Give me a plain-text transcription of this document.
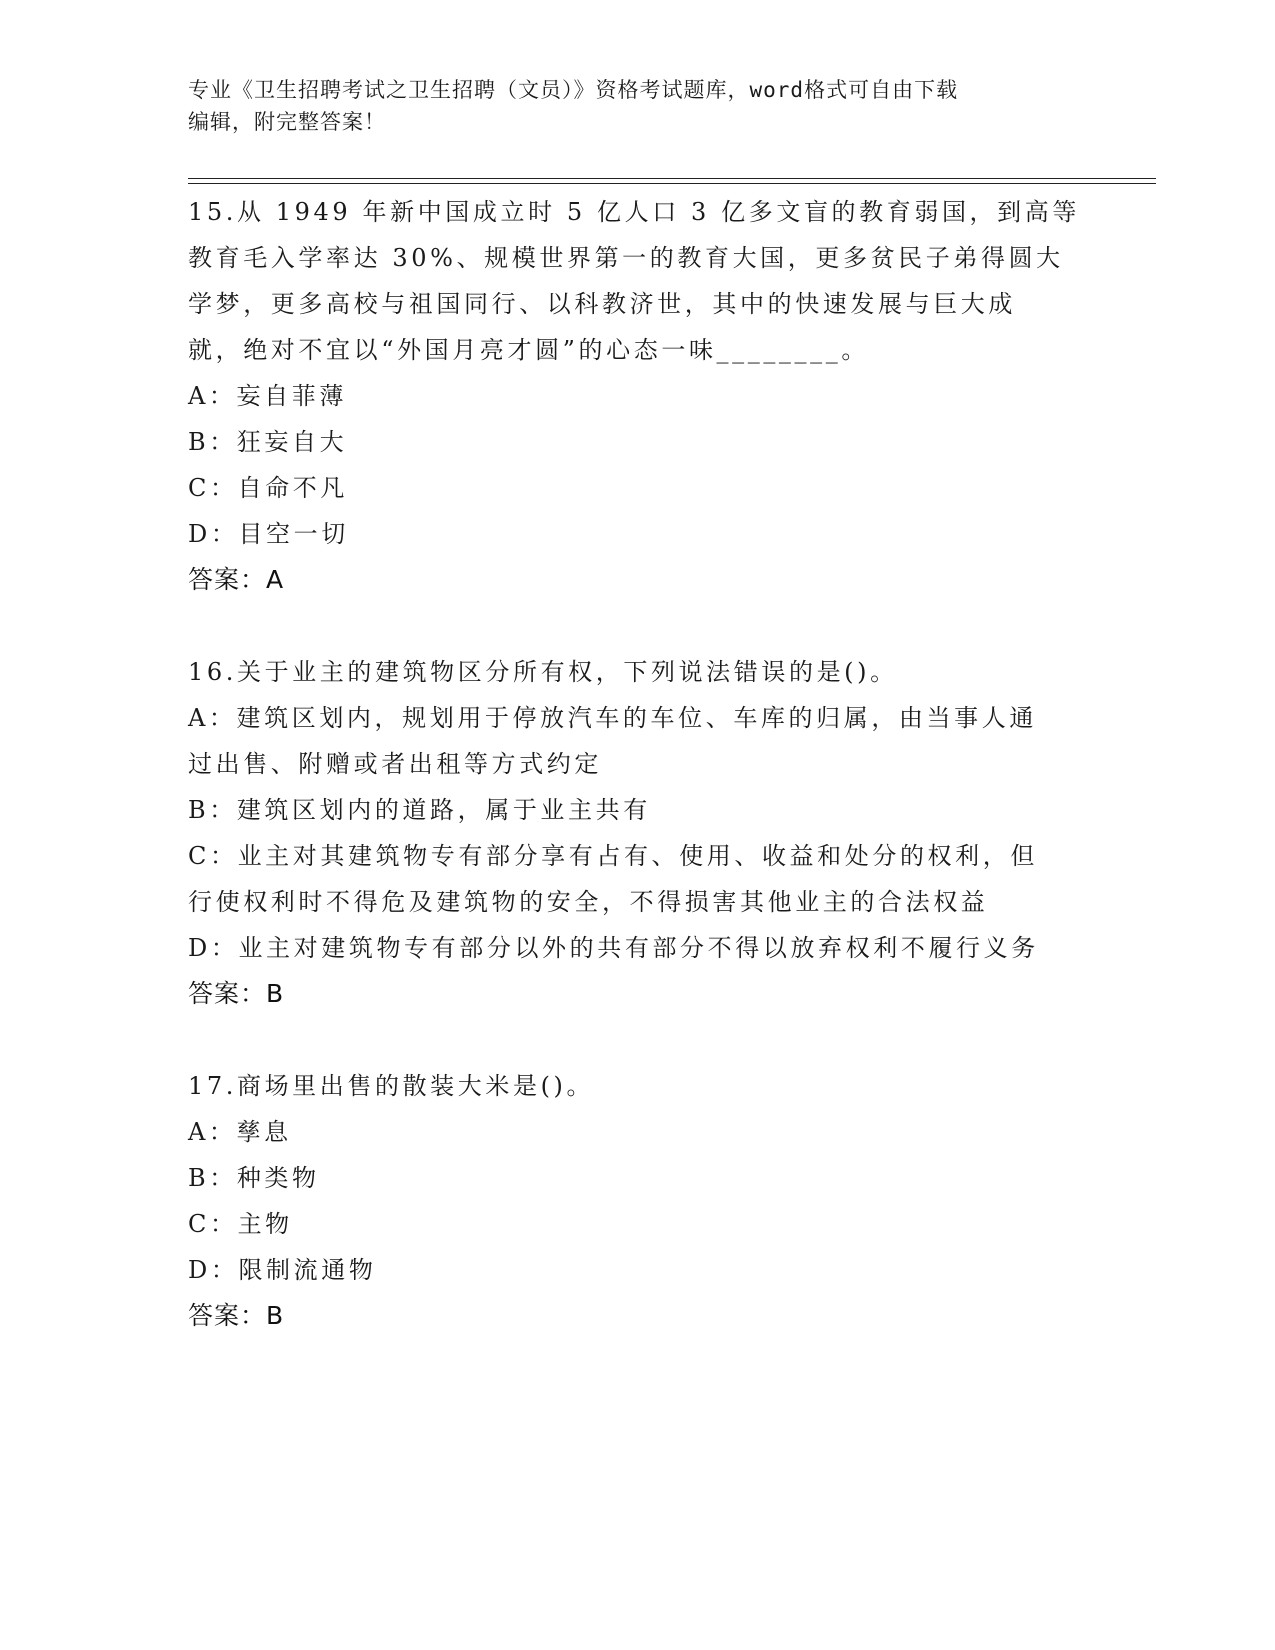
专业《卫生招聘考试之卫生招聘（文员）》资格考试题库，word格式可自由下载
编辑，附完整答案！
15.从 1949 年新中国成立时 5 亿人口 3 亿多文盲的教育弱国，到高等
教育毛入学率达 30%、规模世界第一的教育大国，更多贫民子弟得圆大
学梦，更多高校与祖国同行、以科教济世，其中的快速发展与巨大成
就，绝对不宜以“外国月亮才圆”的心态一味________。
A：妄自菲薄
B：狂妄自大
C：自命不凡
D：目空一切
答案：A
16.关于业主的建筑物区分所有权，下列说法错误的是()。
A：建筑区划内，规划用于停放汽车的车位、车库的归属，由当事人通
过出售、附赠或者出租等方式约定
B：建筑区划内的道路，属于业主共有
C：业主对其建筑物专有部分享有占有、使用、收益和处分的权利，但
行使权利时不得危及建筑物的安全，不得损害其他业主的合法权益
D：业主对建筑物专有部分以外的共有部分不得以放弃权利不履行义务
答案：B
17.商场里出售的散装大米是()。
A：孳息
B：种类物
C：主物
D：限制流通物
答案：B
